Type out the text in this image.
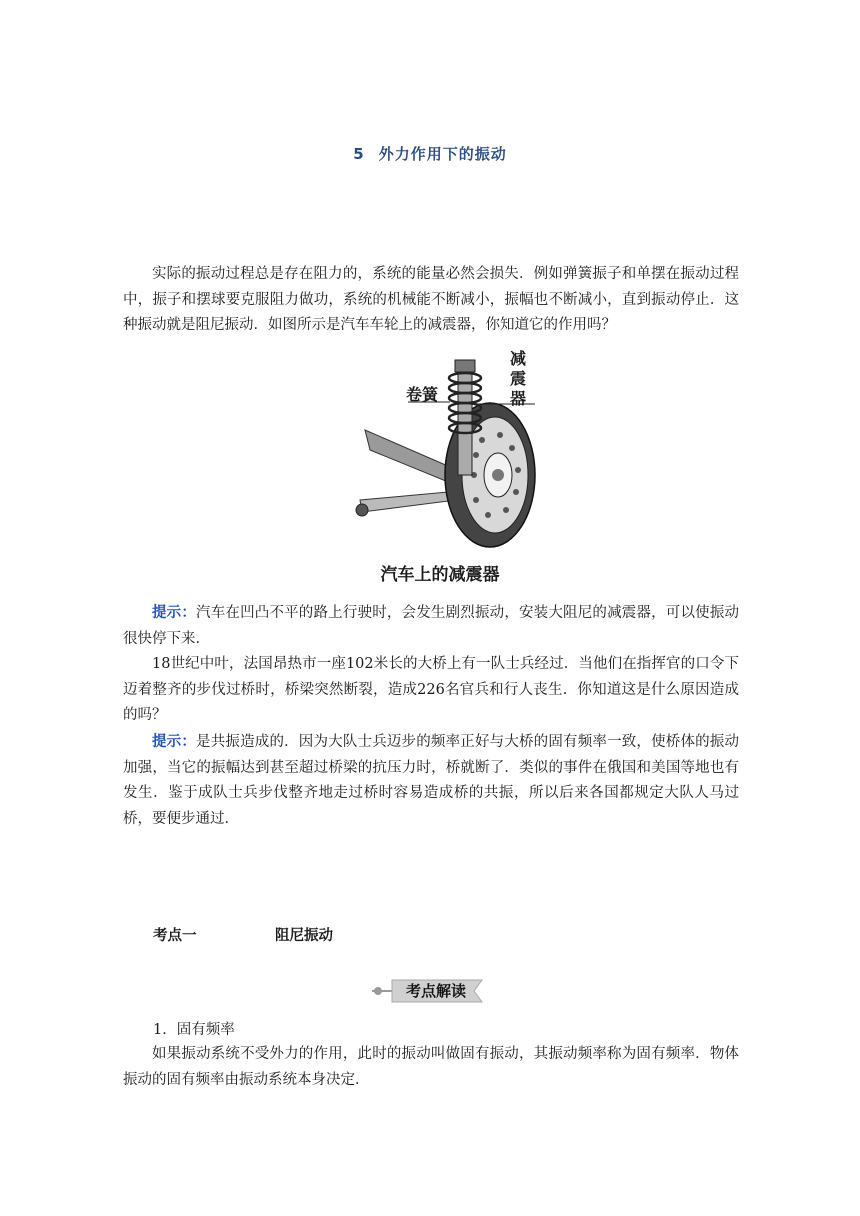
5 外力作用下的振动

实际的振动过程总是存在阻力的，系统的能量必然会损失．例如弹簧振子和单摆在振动过程中，振子和摆球要克服阻力做功，系统的机械能不断减小，振幅也不断减小，直到振动停止．这种振动就是阻尼振动．如图所示是汽车车轮上的减震器，你知道它的作用吗？

卷簧
减
震
器
汽车上的减震器

提示：汽车在凹凸不平的路上行驶时，会发生剧烈振动，安装大阻尼的减震器，可以使振动很快停下来．

18世纪中叶，法国昂热市一座102米长的大桥上有一队士兵经过．当他们在指挥官的口令下迈着整齐的步伐过桥时，桥梁突然断裂，造成226名官兵和行人丧生．你知道这是什么原因造成的吗？

提示：是共振造成的．因为大队士兵迈步的频率正好与大桥的固有频率一致，使桥体的振动加强，当它的振幅达到甚至超过桥梁的抗压力时，桥就断了．类似的事件在俄国和美国等地也有发生．鉴于成队士兵步伐整齐地走过桥时容易造成桥的共振，所以后来各国都规定大队人马过桥，要便步通过．

考点一	阻尼振动
考点解读
1．固有频率

如果振动系统不受外力的作用，此时的振动叫做固有振动，其振动频率称为固有频率．物体振动的固有频率由振动系统本身决定．
